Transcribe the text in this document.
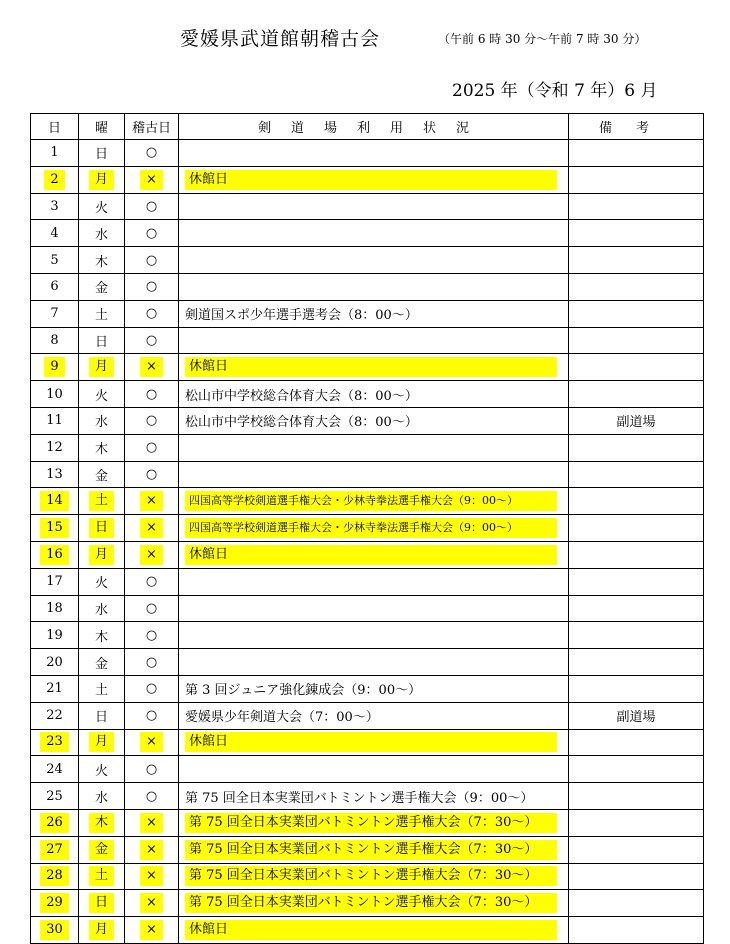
愛媛県武道館朝稽古会	（午前 6 時 30 分～午前 7 時 30 分）
2025 年（令和 7 年）6 月
日	曜	稽古日	剣道場利用状況	備考
1	日	○		
2	月	×	休館日	

3	火	○		
4	水	○		
5	木	○		
6	金	○		
7	土	○	剣道国スポ少年選手選考会（8：00～）	
8	日	○		
9	月	×	休館日	

10	火	○	松山市中学校総合体育大会（8：00～）	
11	水	○	松山市中学校総合体育大会（8：00～）	副道場
12	木	○		
13	金	○		
14	土	×	四国高等学校剣道選手権大会・少林寺拳法選手権大会（9：00～）	

15	日	×	四国高等学校剣道選手権大会・少林寺拳法選手権大会（9：00～）	

16	月	×	休館日	

17	火	○		
18	水	○		
19	木	○		
20	金	○		
21	土	○	第 3 回ジュニア強化錬成会（9：00～）	
22	日	○	愛媛県少年剣道大会（7：00～）	副道場
23	月	×	休館日	

24	火	○		
25	水	○	第 75 回全日本実業団バトミントン選手権大会（9：00～）	
26	木	×	第 75 回全日本実業団バトミントン選手権大会（7：30～）	

27	金	×	第 75 回全日本実業団バトミントン選手権大会（7：30～）	

28	土	×	第 75 回全日本実業団バトミントン選手権大会（7：30～）	

29	日	×	第 75 回全日本実業団バトミントン選手権大会（7：30～）	

30	月	×	休館日	
